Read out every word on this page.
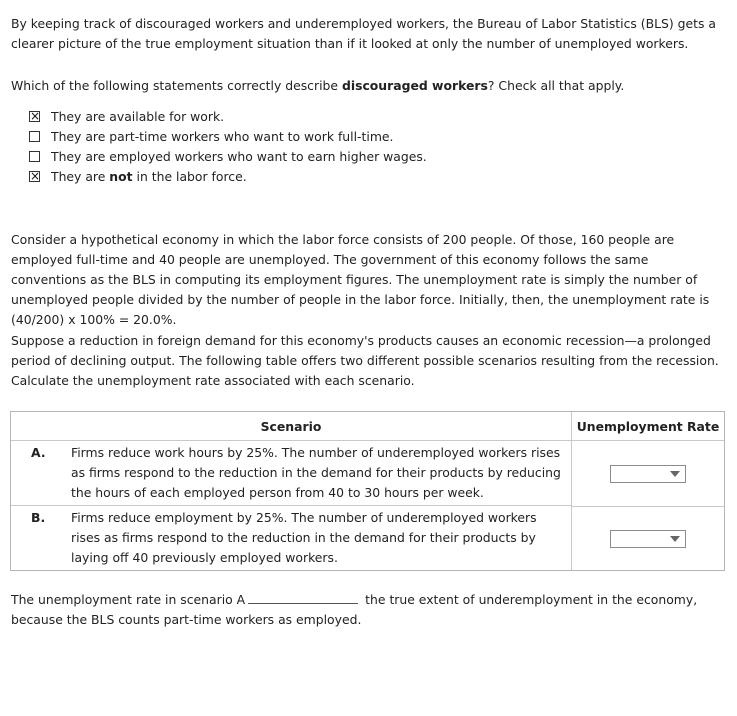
By keeping track of discouraged workers and underemployed workers, the Bureau of Labor Statistics (BLS) gets a clearer picture of the true employment situation than if it looked at only the number of unemployed workers.

Which of the following statements correctly describe discouraged workers? Check all that apply.

×
They are available for work.
They are part-time workers who want to work full-time.
They are employed workers who want to earn higher wages.
×
They are not in the labor force.

Consider a hypothetical economy in which the labor force consists of 200 people. Of those, 160 people are employed full-time and 40 people are unemployed. The government of this economy follows the same conventions as the BLS in computing its employment figures. The unemployment rate is simply the number of unemployed people divided by the number of people in the labor force. Initially, then, the unemployment rate is (40/200) x 100% = 20.0%.

Suppose a reduction in foreign demand for this economy's products causes an economic recession—a prolonged period of declining output. The following table offers two different possible scenarios resulting from the recession. Calculate the unemployment rate associated with each scenario.

Scenario		Unemployment Rate
A.	Firms reduce work hours by 25%. The number of underemployed workers rises as firms respond to the reduction in the demand for their products by reducing the hours of each employed person from 40 to 30 hours per week.	

B.	Firms reduce employment by 25%. The number of underemployed workers rises as firms respond to the reduction in the demand for their products by laying off 40 previously employed workers.	
The unemployment rate in scenario A	the true extent of underemployment in the economy, because the BLS counts part-time workers as employed.
